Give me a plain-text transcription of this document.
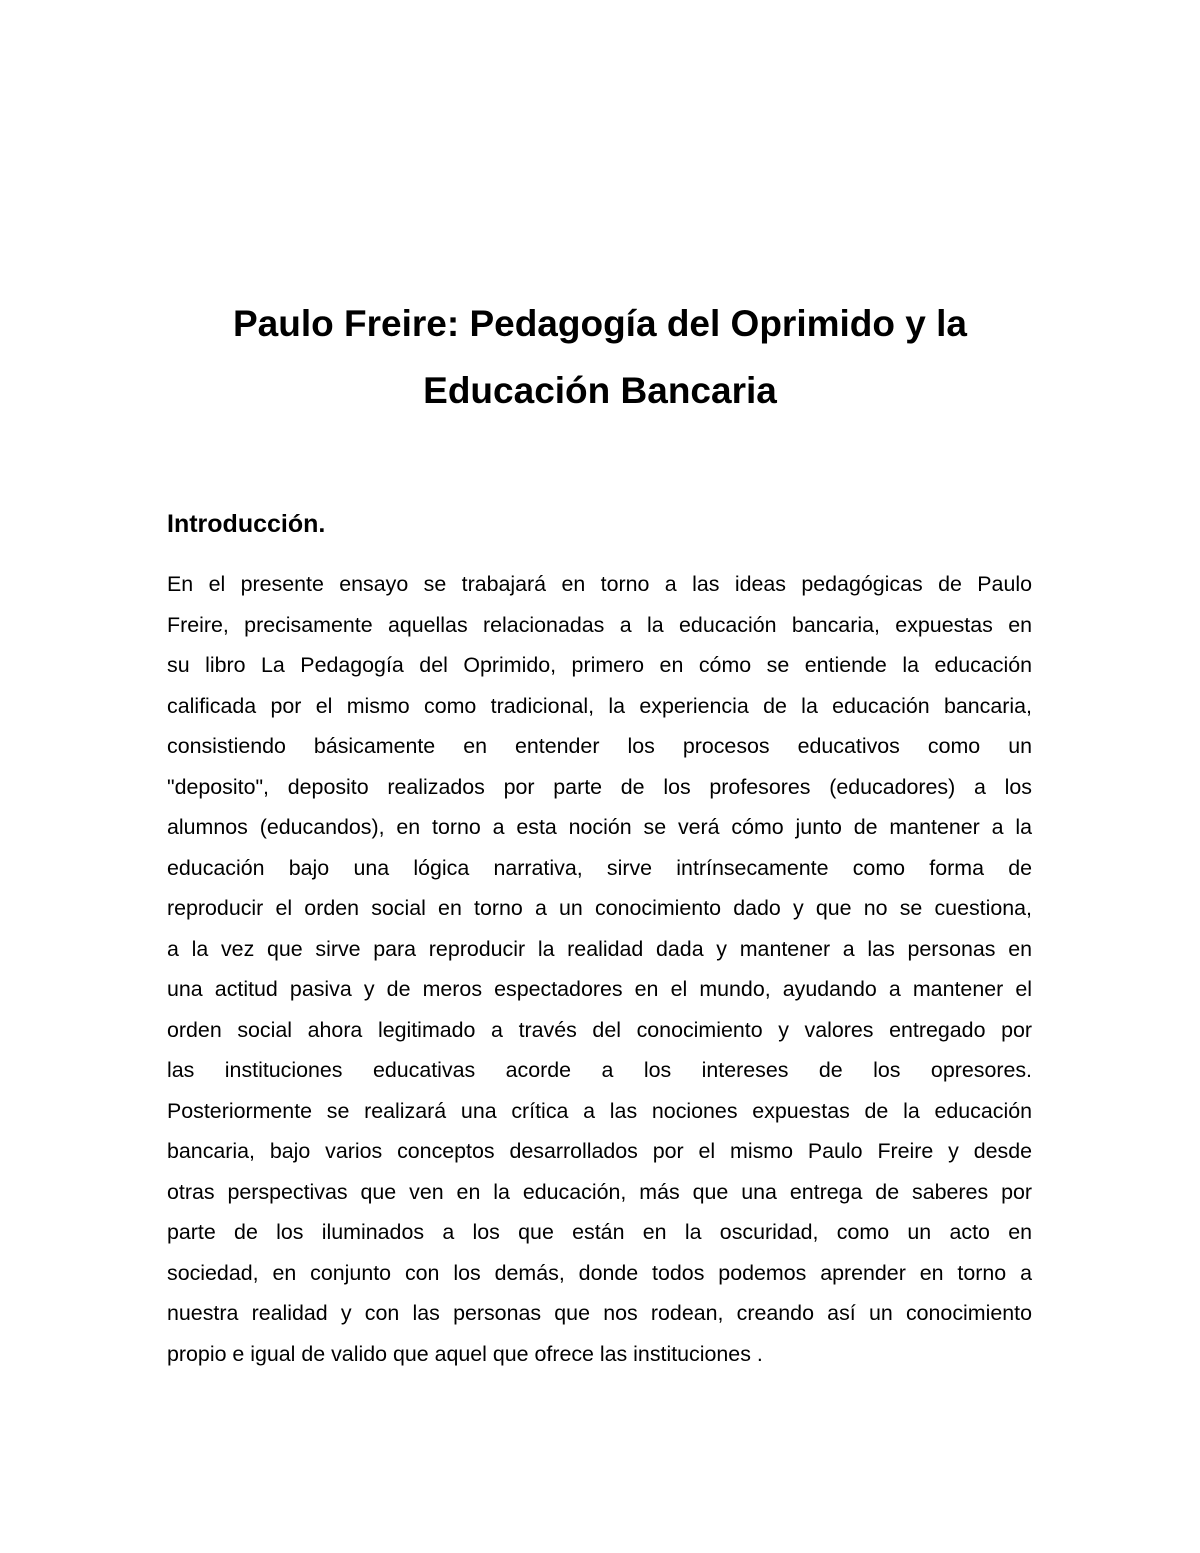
Paulo Freire: Pedagogía del Oprimido y la
Educación Bancaria
Introducción.
En el presente ensayo se trabajará en torno a las ideas pedagógicas de Paulo
Freire, precisamente aquellas relacionadas a la educación bancaria, expuestas en
su libro La Pedagogía del Oprimido, primero en cómo se entiende la educación
calificada por el mismo como tradicional, la experiencia de la educación bancaria,
consistiendo básicamente en entender los procesos educativos como un
"deposito", deposito realizados por parte de los profesores (educadores) a los
alumnos (educandos), en torno a esta noción se verá cómo junto de mantener a la
educación bajo una lógica narrativa, sirve intrínsecamente como forma de
reproducir el orden social en torno a un conocimiento dado y que no se cuestiona,
a la vez que sirve para reproducir la realidad dada y mantener a las personas en
una actitud pasiva y de meros espectadores en el mundo, ayudando a mantener el
orden social ahora legitimado a través del conocimiento y valores entregado por
las instituciones educativas acorde a los intereses de los opresores.
Posteriormente se realizará una crítica a las nociones expuestas de la educación
bancaria, bajo varios conceptos desarrollados por el mismo Paulo Freire y desde
otras perspectivas que ven en la educación, más que una entrega de saberes por
parte de los iluminados a los que están en la oscuridad, como un acto en
sociedad, en conjunto con los demás, donde todos podemos aprender en torno a
nuestra realidad y con las personas que nos rodean, creando así un conocimiento
propio e igual de valido que aquel que ofrece las instituciones .
